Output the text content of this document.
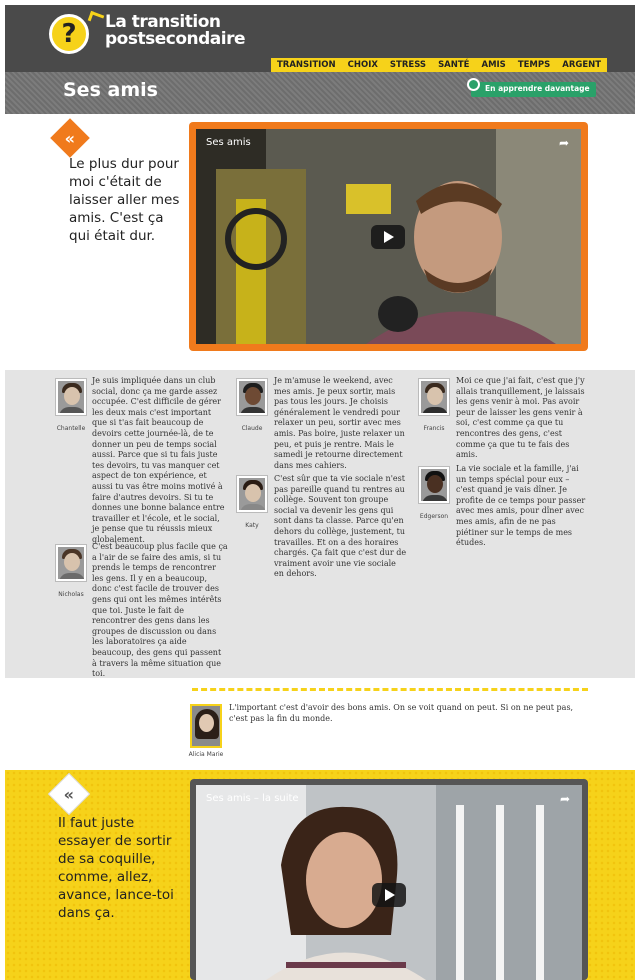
?	La transition
postsecondaire
TRANSITION	CHOIX	STRESS	SANTÉ	AMIS	TEMPS	ARGENT
Ses amis	En apprendre davantage
«
Le plus dur pour moi c'était de laisser aller mes amis. C'est ça qui était dur.
Ses amis	➦
Chantelle
Je suis impliquée dans un club social, donc ça me garde assez occupée. C'est difficile de gérer les deux mais c'est important que si t'as fait beaucoup de devoirs cette journée-là, de te donner un peu de temps social aussi. Parce que si tu fais juste tes devoirs, tu vas manquer cet aspect de ton expérience, et aussi tu vas être moins motivé à faire d'autres devoirs. Si tu te donnes une bonne balance entre travailler et l'école, et le social, je pense que tu réussis mieux globalement.
Nicholas
C'est beaucoup plus facile que ça a l'air de se faire des amis, si tu prends le temps de rencontrer les gens. Il y en a beaucoup, donc c'est facile de trouver des gens qui ont les mêmes intérêts que toi. Juste le fait de rencontrer des gens dans les groupes de discussion ou dans les laboratoires ça aide beaucoup, des gens qui passent à travers la même situation que toi.
Claude
Je m'amuse le weekend, avec mes amis. Je peux sortir, mais pas tous les jours. Je choisis généralement le vendredi pour relaxer un peu, sortir avec mes amis. Pas boire, juste relaxer un peu, et puis je rentre. Mais le samedi je retourne directement dans mes cahiers.
Katy
C'est sûr que ta vie sociale n'est pas pareille quand tu rentres au collège. Souvent ton groupe social va devenir les gens qui sont dans ta classe. Parce qu'en dehors du collège, justement, tu travailles. Et on a des horaires chargés. Ça fait que c'est dur de vraiment avoir une vie sociale en dehors.
Francis
Moi ce que j'ai fait, c'est que j'y allais tranquillement, je laissais les gens venir à moi. Pas avoir peur de laisser les gens venir à soi, c'est comme ça que tu rencontres des gens, c'est comme ça que tu te fais des amis.
Edgerson
La vie sociale et la famille, j'ai un temps spécial pour eux – c'est quand je vais dîner. Je profite de ce temps pour passer avec mes amis, pour dîner avec mes amis, afin de ne pas piétiner sur le temps de mes études.
Alicia Marie
L'important c'est d'avoir des bons amis. On se voit quand on peut. Si on ne peut pas, c'est pas la fin du monde.
«
Il faut juste essayer de sortir de sa coquille, comme, allez, avance, lance-toi dans ça.
Ses amis – la suite	➦
